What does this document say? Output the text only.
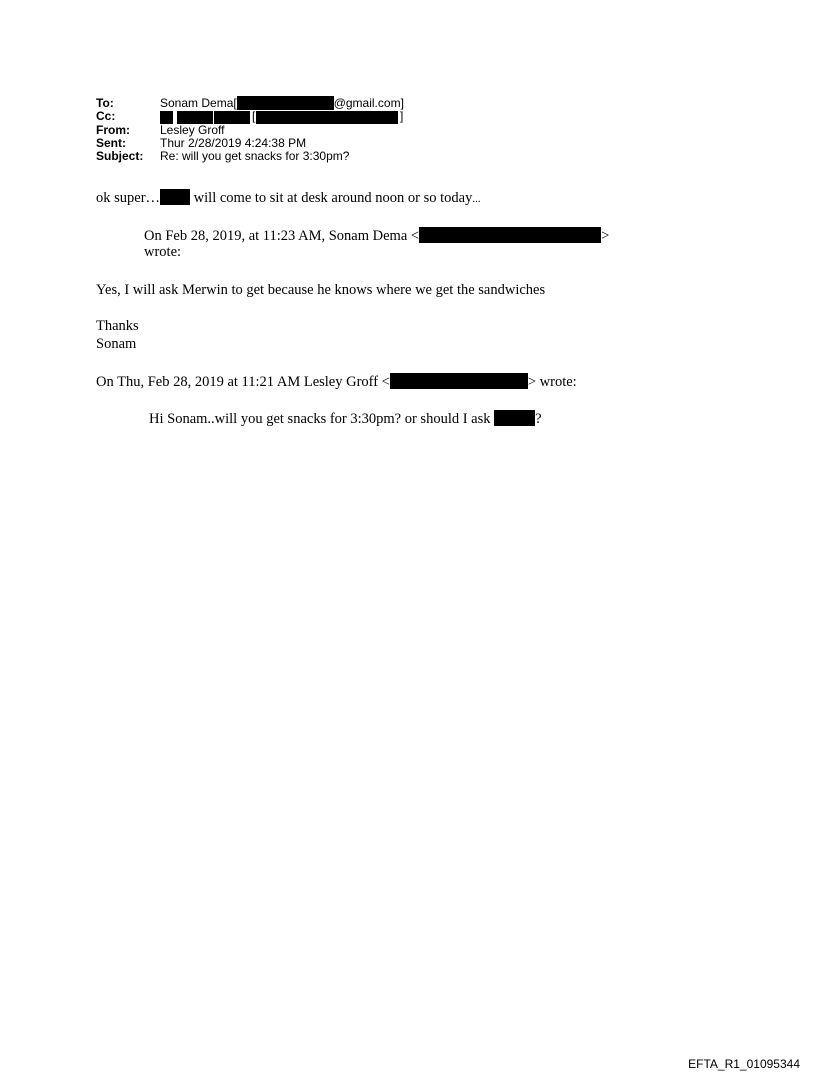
To:	Sonam Dema[	@gmail.com]
Cc:	[	]
From:	Lesley Groff
Sent:	Thur 2/28/2019 4:24:38 PM
Subject: Re: will you get snacks for 3:30pm?
ok super…
will come to sit at desk around noon or so today...
On Feb 28, 2019, at 11:23 AM, Sonam Dema <	>
wrote:
Yes, I will ask Merwin to get because he knows where we get the sandwiches
Thanks
Sonam
On Thu, Feb 28, 2019 at 11:21 AM Lesley Groff <	> wrote:
Hi Sonam..will you get snacks for 3:30pm? or should I ask	?
EFTA_R1_01095344
